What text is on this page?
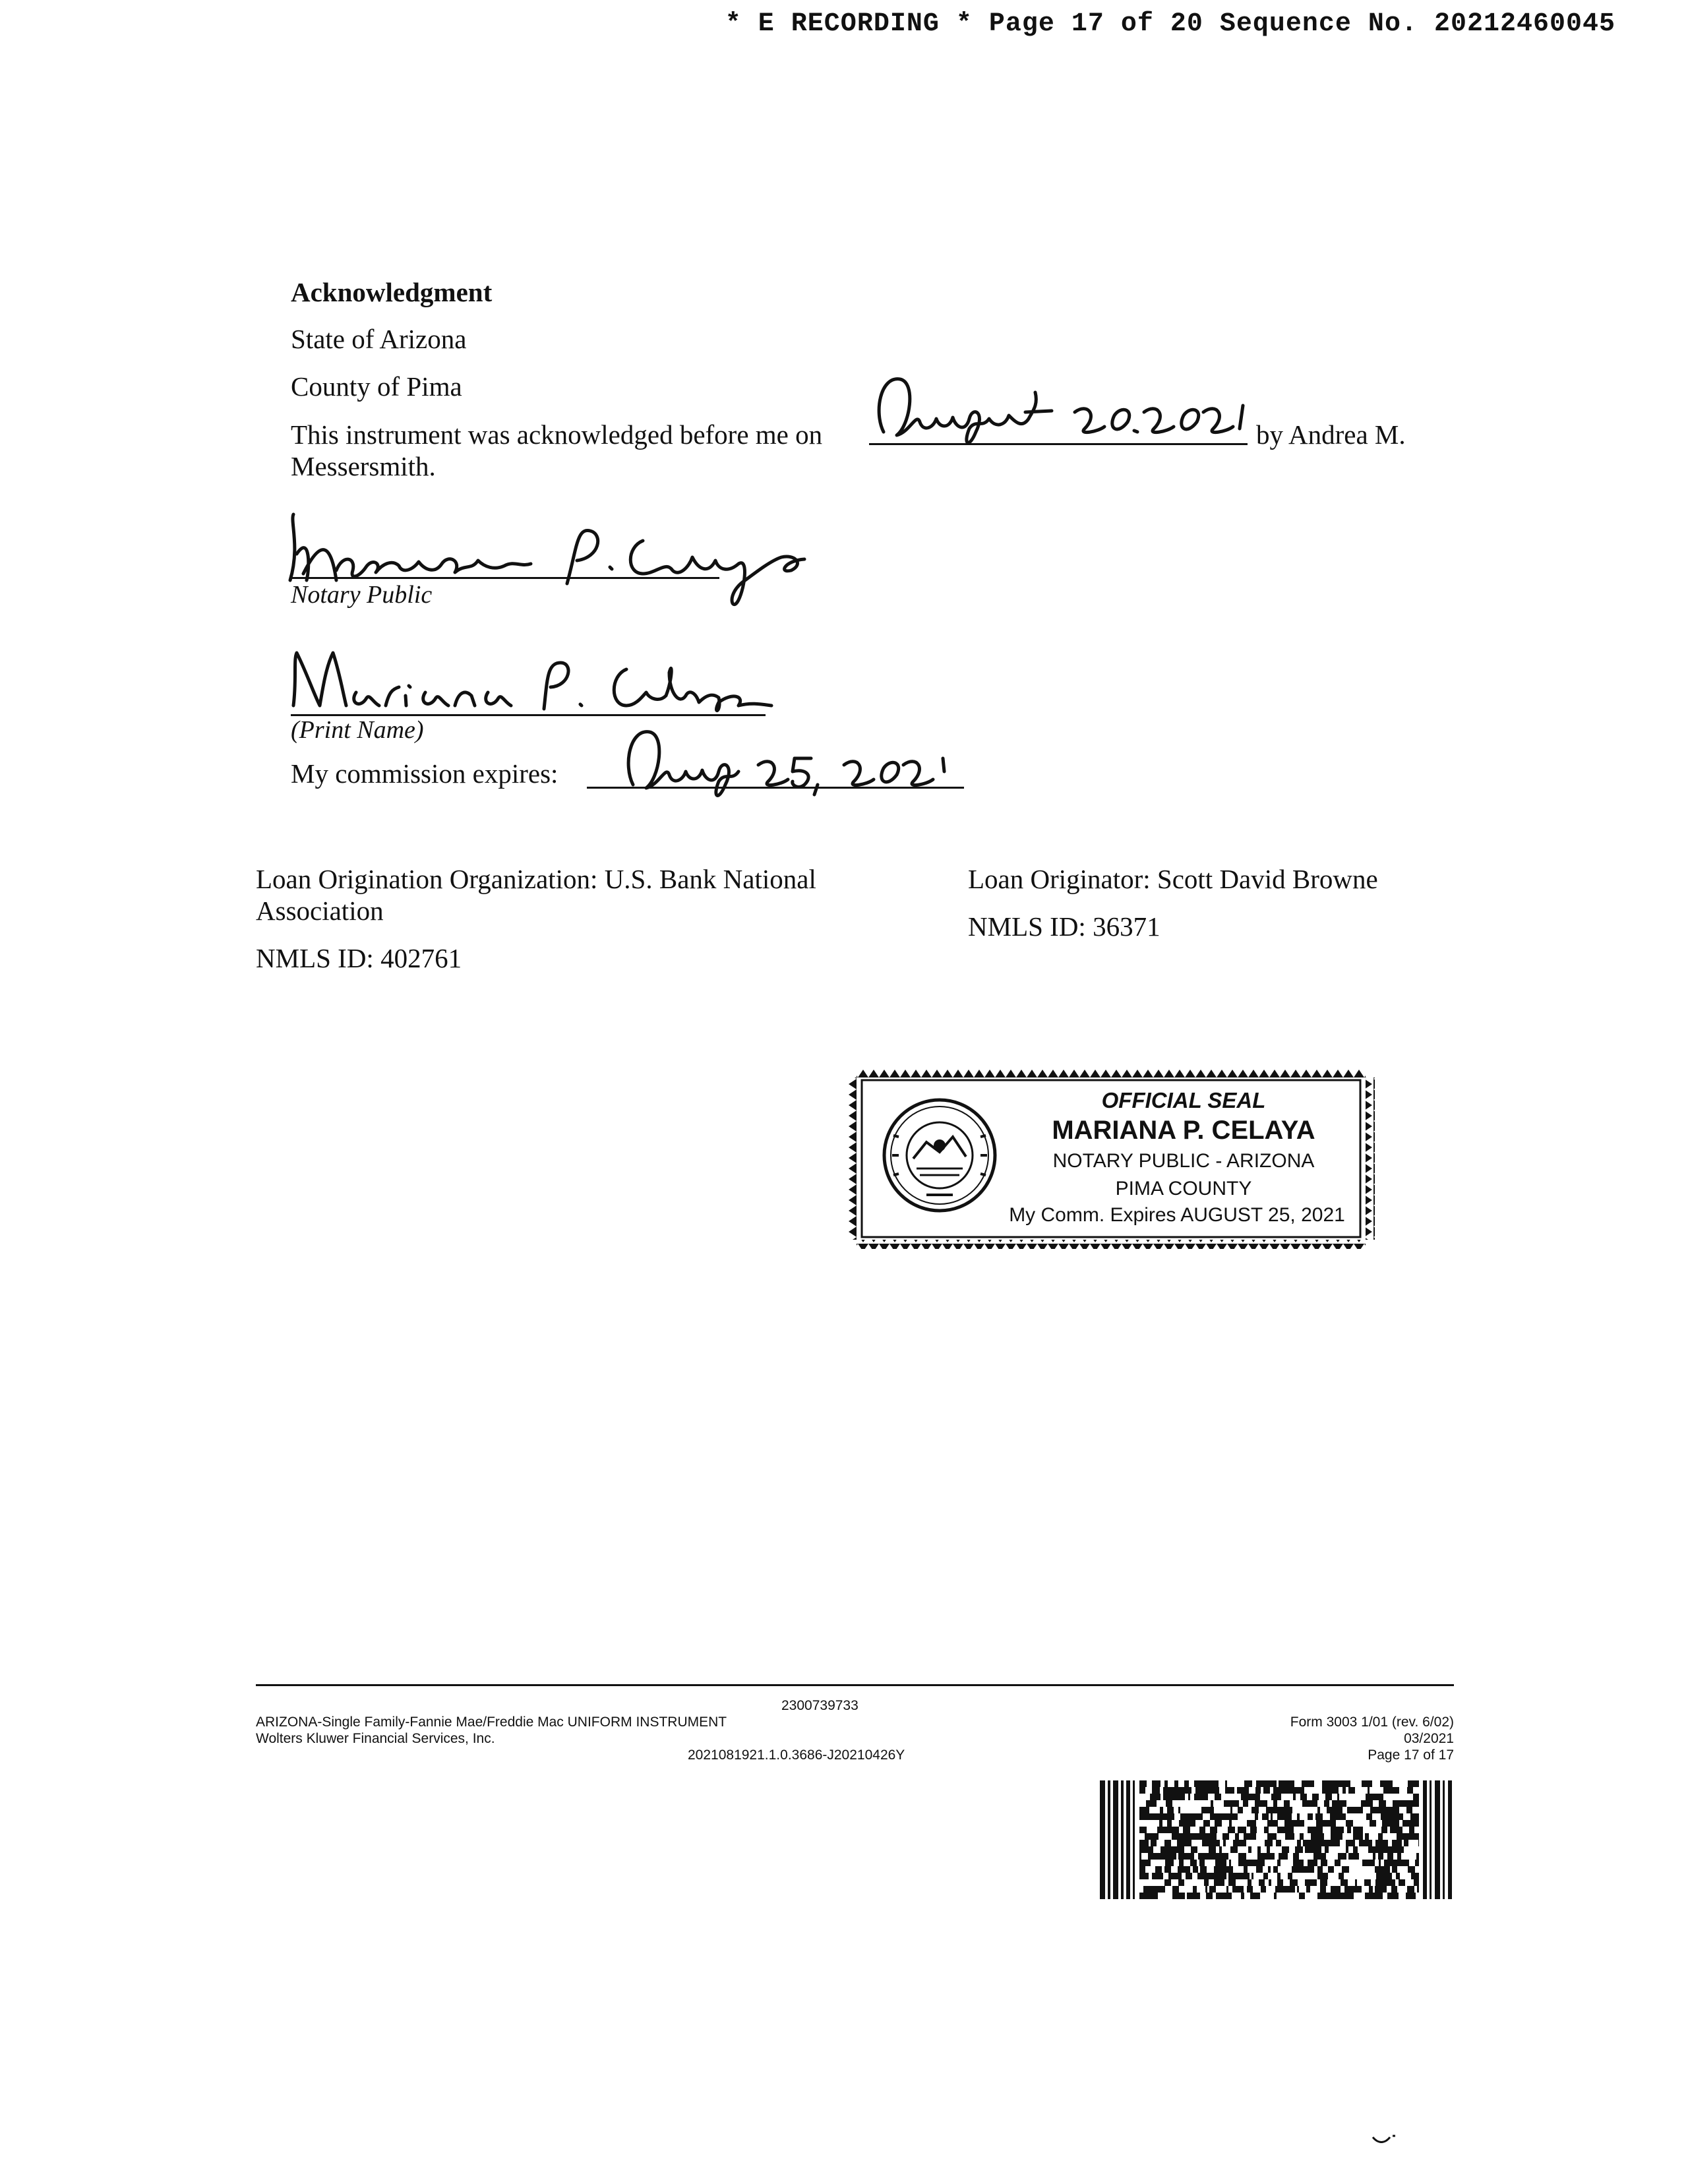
* E RECORDING * Page 17 of 20 Sequence No. 20212460045
Acknowledgment
State of Arizona
County of Pima
This instrument was acknowledged before me on	by Andrea M.
Messersmith.
Notary Public
(Print Name)
My commission expires:
Loan Origination Organization: U.S. Bank National
Association
NMLS ID: 402761
Loan Originator: Scott David Browne
NMLS ID: 36371
OFFICIAL SEAL
MARIANA P. CELAYA
NOTARY PUBLIC - ARIZONA
PIMA COUNTY
My Comm. Expires AUGUST 25, 2021
2300739733
ARIZONA-Single Family-Fannie Mae/Freddie Mac UNIFORM INSTRUMENT
Wolters Kluwer Financial Services, Inc.
2021081921.1.0.3686-J20210426Y
Form 3003 1/01 (rev. 6/02)
03/2021
Page 17 of 17
